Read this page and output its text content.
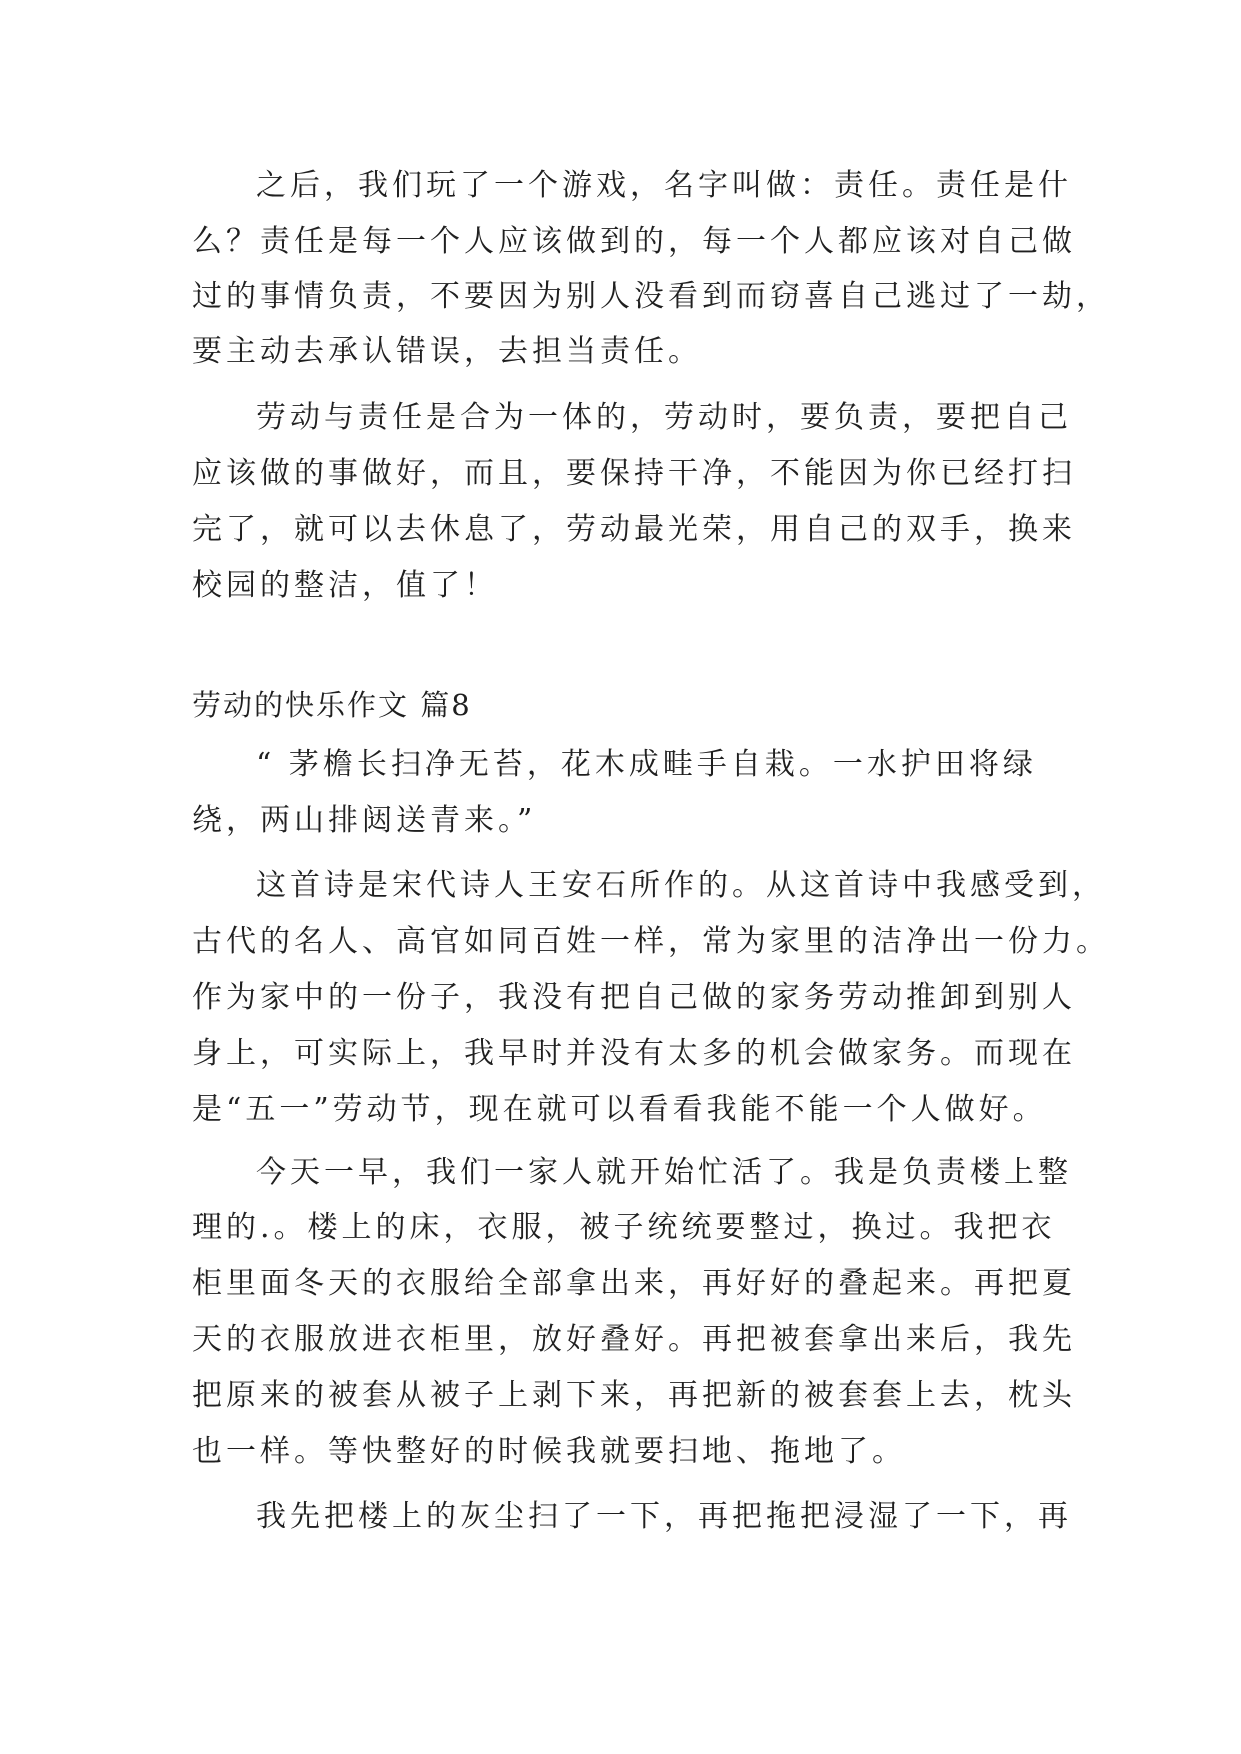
之后，我们玩了一个游戏，名字叫做：责任。责任是什

么？责任是每一个人应该做到的，每一个人都应该对自己做

过的事情负责，不要因为别人没看到而窃喜自己逃过了一劫，

要主动去承认错误，去担当责任。

劳动与责任是合为一体的，劳动时，要负责，要把自己

应该做的事做好，而且，要保持干净，不能因为你已经打扫

完了，就可以去休息了，劳动最光荣，用自己的双手，换来

校园的整洁，值了！

劳动的快乐作文 篇8

“ 茅檐长扫净无苔，花木成畦手自栽。一水护田将绿

绕，两山排闼送青来。”

这首诗是宋代诗人王安石所作的。从这首诗中我感受到，

古代的名人、高官如同百姓一样，常为家里的洁净出一份力。

作为家中的一份子，我没有把自己做的家务劳动推卸到别人

身上，可实际上，我早时并没有太多的机会做家务。而现在

是“五一”劳动节，现在就可以看看我能不能一个人做好。

今天一早，我们一家人就开始忙活了。我是负责楼上整

理的.。楼上的床，衣服，被子统统要整过，换过。我把衣

柜里面冬天的衣服给全部拿出来，再好好的叠起来。再把夏

天的衣服放进衣柜里，放好叠好。再把被套拿出来后，我先

把原来的被套从被子上剥下来，再把新的被套套上去，枕头

也一样。等快整好的时候我就要扫地、拖地了。

我先把楼上的灰尘扫了一下，再把拖把浸湿了一下，再
